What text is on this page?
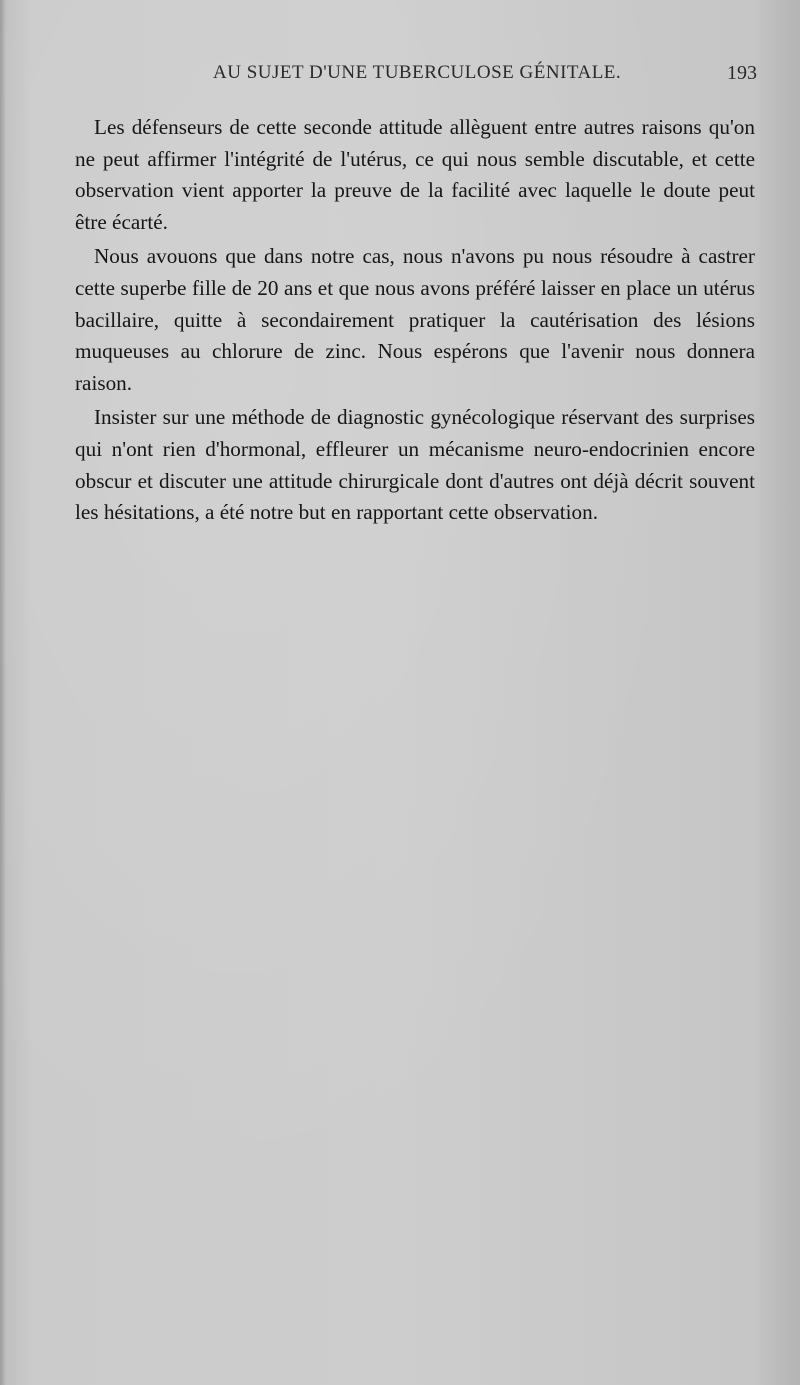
AU SUJET D'UNE TUBERCULOSE GÉNITALE.	193

Les défenseurs de cette seconde attitude allèguent entre autres raisons qu'on ne peut affirmer l'intégrité de l'utérus, ce qui nous semble discutable, et cette observation vient apporter la preuve de la facilité avec laquelle le doute peut être écarté.

Nous avouons que dans notre cas, nous n'avons pu nous résoudre à castrer cette superbe fille de 20 ans et que nous avons préféré laisser en place un utérus bacillaire, quitte à secondairement pratiquer la cautérisation des lésions muqueuses au chlorure de zinc. Nous espérons que l'avenir nous donnera raison.

Insister sur une méthode de diagnostic gynécologique réservant des surprises qui n'ont rien d'hormonal, effleurer un mécanisme neuro-endocrinien encore obscur et discuter une attitude chirurgicale dont d'autres ont déjà décrit souvent les hésitations, a été notre but en rapportant cette observation.
